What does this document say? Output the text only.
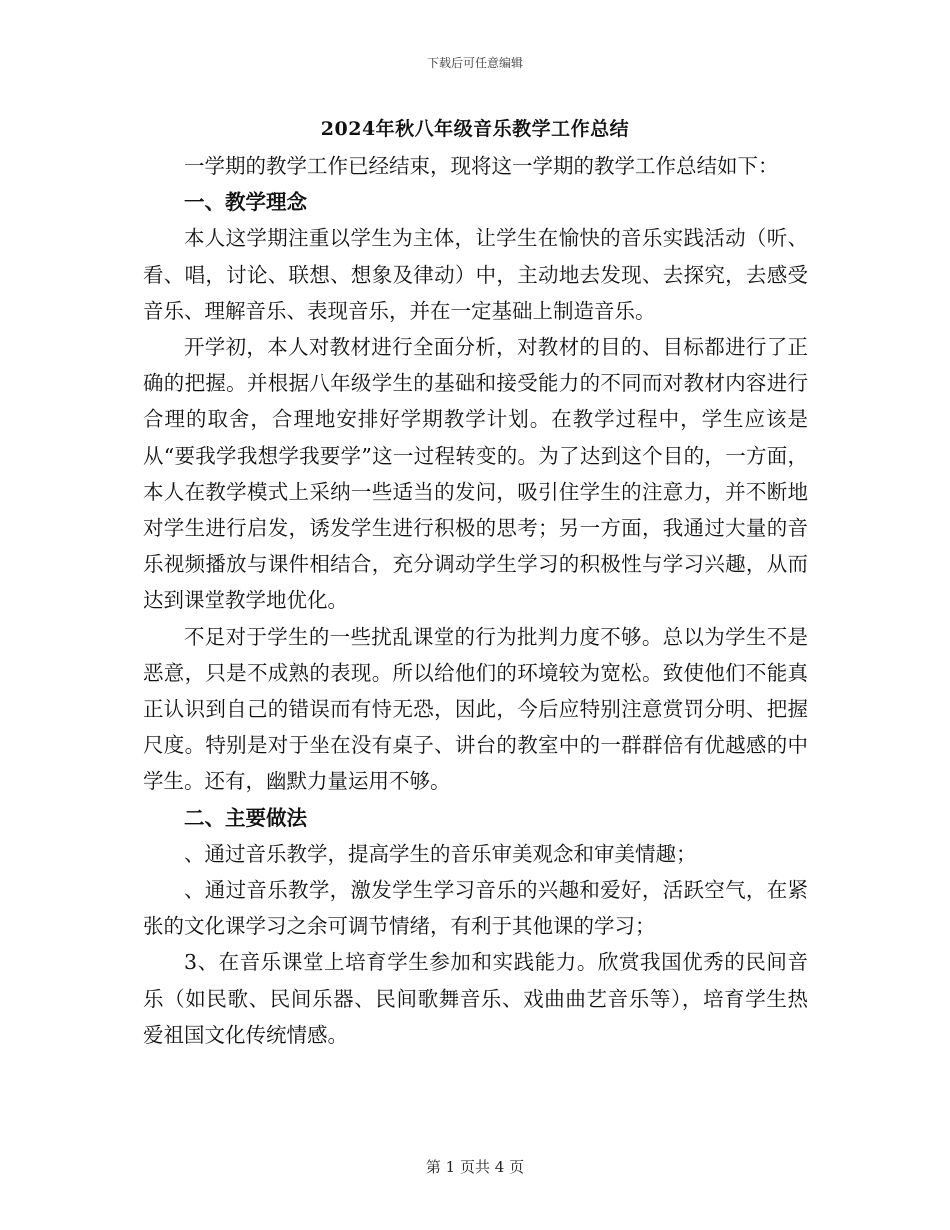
下载后可任意编辑
2024年秋八年级音乐教学工作总结

一学期的教学工作已经结束，现将这一学期的教学工作总结如下：

一、教学理念

本人这学期注重以学生为主体，让学生在愉快的音乐实践活动（听、看、唱，讨论、联想、想象及律动）中，主动地去发现、去探究，去感受音乐、理解音乐、表现音乐，并在一定基础上制造音乐。

开学初，本人对教材进行全面分析，对教材的目的、目标都进行了正确的把握。并根据八年级学生的基础和接受能力的不同而对教材内容进行合理的取舍，合理地安排好学期教学计划。在教学过程中，学生应该是从“要我学我想学我要学”这一过程转变的。为了达到这个目的，一方面，本人在教学模式上采纳一些适当的发问，吸引住学生的注意力，并不断地对学生进行启发，诱发学生进行积极的思考；另一方面，我通过大量的音乐视频播放与课件相结合，充分调动学生学习的积极性与学习兴趣，从而达到课堂教学地优化。

不足对于学生的一些扰乱课堂的行为批判力度不够。总以为学生不是恶意，只是不成熟的表现。所以给他们的环境较为宽松。致使他们不能真正认识到自己的错误而有恃无恐，因此，今后应特别注意赏罚分明、把握尺度。特别是对于坐在没有桌子、讲台的教室中的一群群倍有优越感的中学生。还有，幽默力量运用不够。

二、主要做法

、通过音乐教学，提高学生的音乐审美观念和审美情趣；

、通过音乐教学，激发学生学习音乐的兴趣和爱好，活跃空气，在紧张的文化课学习之余可调节情绪，有利于其他课的学习；

3、在音乐课堂上培育学生参加和实践能力。欣赏我国优秀的民间音乐（如民歌、民间乐器、民间歌舞音乐、戏曲曲艺音乐等），培育学生热爱祖国文化传统情感。

第 1 页共 4 页
